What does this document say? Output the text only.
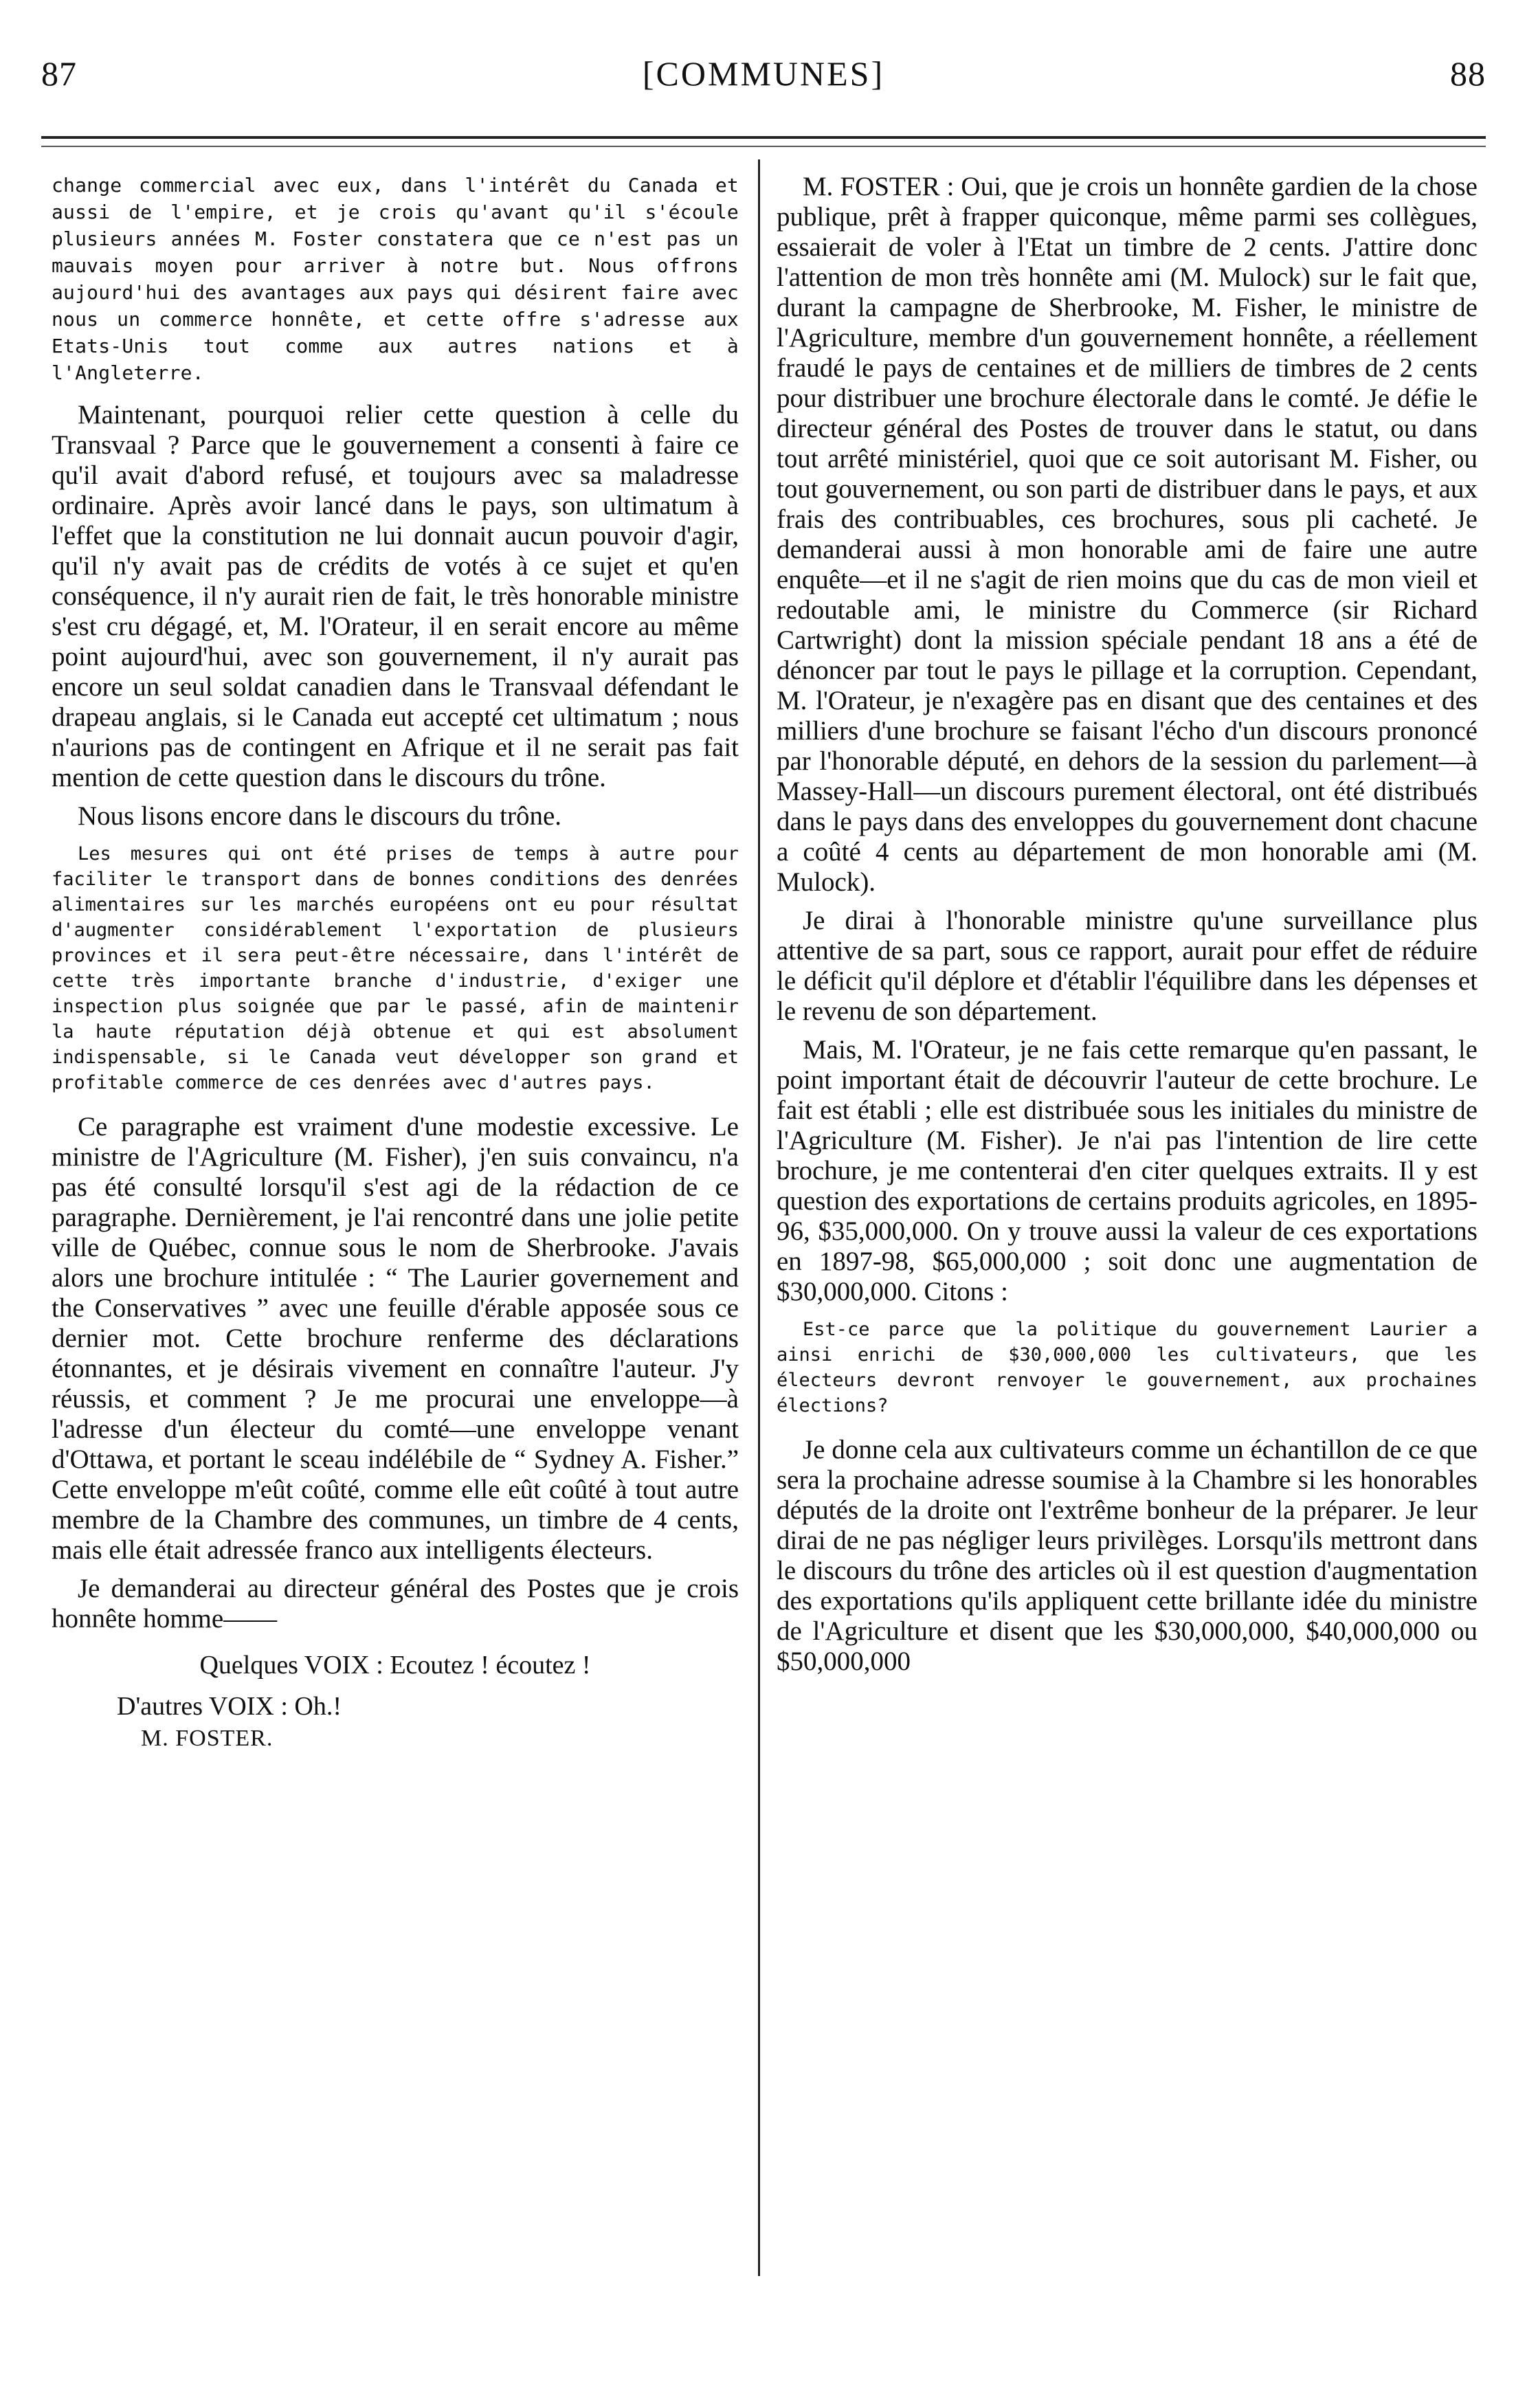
87	[COMMUNES]	88

change commercial avec eux, dans l'intérêt du Canada et aussi de l'empire, et je crois qu'avant qu'il s'écoule plusieurs années M. Foster constatera que ce n'est pas un mauvais moyen pour arriver à notre but. Nous offrons aujourd'hui des avantages aux pays qui désirent faire avec nous un commerce honnête, et cette offre s'adresse aux Etats-Unis tout comme aux autres nations et à l'Angleterre.

Maintenant, pourquoi relier cette question à celle du Transvaal ? Parce que le gouvernement a consenti à faire ce qu'il avait d'abord refusé, et toujours avec sa maladresse ordinaire. Après avoir lancé dans le pays, son ultimatum à l'effet que la constitution ne lui donnait aucun pouvoir d'agir, qu'il n'y avait pas de crédits de votés à ce sujet et qu'en conséquence, il n'y aurait rien de fait, le très honorable ministre s'est cru dégagé, et, M. l'Orateur, il en serait encore au même point aujourd'hui, avec son gouvernement, il n'y aurait pas encore un seul soldat canadien dans le Transvaal défendant le drapeau anglais, si le Canada eut accepté cet ultimatum ; nous n'aurions pas de contingent en Afrique et il ne serait pas fait mention de cette question dans le discours du trône.

Nous lisons encore dans le discours du trône.

Les mesures qui ont été prises de temps à autre pour faciliter le transport dans de bonnes conditions des denrées alimentaires sur les marchés européens ont eu pour résultat d'augmenter considérablement l'exportation de plusieurs provinces et il sera peut-être nécessaire, dans l'intérêt de cette très importante branche d'industrie, d'exiger une inspection plus soignée que par le passé, afin de maintenir la haute réputation déjà obtenue et qui est absolument indispensable, si le Canada veut développer son grand et profitable commerce de ces denrées avec d'autres pays.

Ce paragraphe est vraiment d'une modestie excessive. Le ministre de l'Agriculture (M. Fisher), j'en suis convaincu, n'a pas été consulté lorsqu'il s'est agi de la rédaction de ce paragraphe. Dernièrement, je l'ai rencontré dans une jolie petite ville de Québec, connue sous le nom de Sherbrooke. J'avais alors une brochure intitulée : “ The Laurier governement and the Conservatives ” avec une feuille d'érable apposée sous ce dernier mot. Cette brochure renferme des déclarations étonnantes, et je désirais vivement en connaître l'auteur. J'y réussis, et comment ? Je me procurai une enveloppe—à l'adresse d'un électeur du comté—une enveloppe venant d'Ottawa, et portant le sceau indélébile de “ Sydney A. Fisher.” Cette enveloppe m'eût coûté, comme elle eût coûté à tout autre membre de la Chambre des communes, un timbre de 4 cents, mais elle était adressée franco aux intelligents électeurs.

Je demanderai au directeur général des Postes que je crois honnête homme——

Quelques VOIX : Ecoutez ! écoutez !

D'autres VOIX : Oh.!

M. FOSTER.

M. FOSTER : Oui, que je crois un honnête gardien de la chose publique, prêt à frapper quiconque, même parmi ses collègues, essaierait de voler à l'Etat un timbre de 2 cents. J'attire donc l'attention de mon très honnête ami (M. Mulock) sur le fait que, durant la campagne de Sherbrooke, M. Fisher, le ministre de l'Agriculture, membre d'un gouvernement honnête, a réellement fraudé le pays de centaines et de milliers de timbres de 2 cents pour distribuer une brochure électorale dans le comté. Je défie le directeur général des Postes de trouver dans le statut, ou dans tout arrêté ministériel, quoi que ce soit autorisant M. Fisher, ou tout gouvernement, ou son parti de distribuer dans le pays, et aux frais des contribuables, ces brochures, sous pli cacheté. Je demanderai aussi à mon honorable ami de faire une autre enquête—et il ne s'agit de rien moins que du cas de mon vieil et redoutable ami, le ministre du Commerce (sir Richard Cartwright) dont la mission spéciale pendant 18 ans a été de dénoncer par tout le pays le pillage et la corruption. Cependant, M. l'Orateur, je n'exagère pas en disant que des centaines et des milliers d'une brochure se faisant l'écho d'un discours prononcé par l'honorable député, en dehors de la session du parlement—à Massey-Hall—un discours purement électoral, ont été distribués dans le pays dans des enveloppes du gouvernement dont chacune a coûté 4 cents au département de mon honorable ami (M. Mulock).

Je dirai à l'honorable ministre qu'une surveillance plus attentive de sa part, sous ce rapport, aurait pour effet de réduire le déficit qu'il déplore et d'établir l'équilibre dans les dépenses et le revenu de son département.

Mais, M. l'Orateur, je ne fais cette remarque qu'en passant, le point important était de découvrir l'auteur de cette brochure. Le fait est établi ; elle est distribuée sous les initiales du ministre de l'Agriculture (M. Fisher). Je n'ai pas l'intention de lire cette brochure, je me contenterai d'en citer quelques extraits. Il y est question des exportations de certains produits agricoles, en 1895-96, $35,000,000. On y trouve aussi la valeur de ces exportations en 1897-98, $65,000,000 ; soit donc une augmentation de $30,000,000. Citons :

Est-ce parce que la politique du gouvernement Laurier a ainsi enrichi de $30,000,000 les cultivateurs, que les électeurs devront renvoyer le gouvernement, aux prochaines élections?

Je donne cela aux cultivateurs comme un échantillon de ce que sera la prochaine adresse soumise à la Chambre si les honorables députés de la droite ont l'extrême bonheur de la préparer. Je leur dirai de ne pas négliger leurs privilèges. Lorsqu'ils mettront dans le discours du trône des articles où il est question d'augmentation des exportations qu'ils appliquent cette brillante idée du ministre de l'Agriculture et disent que les $30,000,000, $40,000,000 ou $50,000,000
